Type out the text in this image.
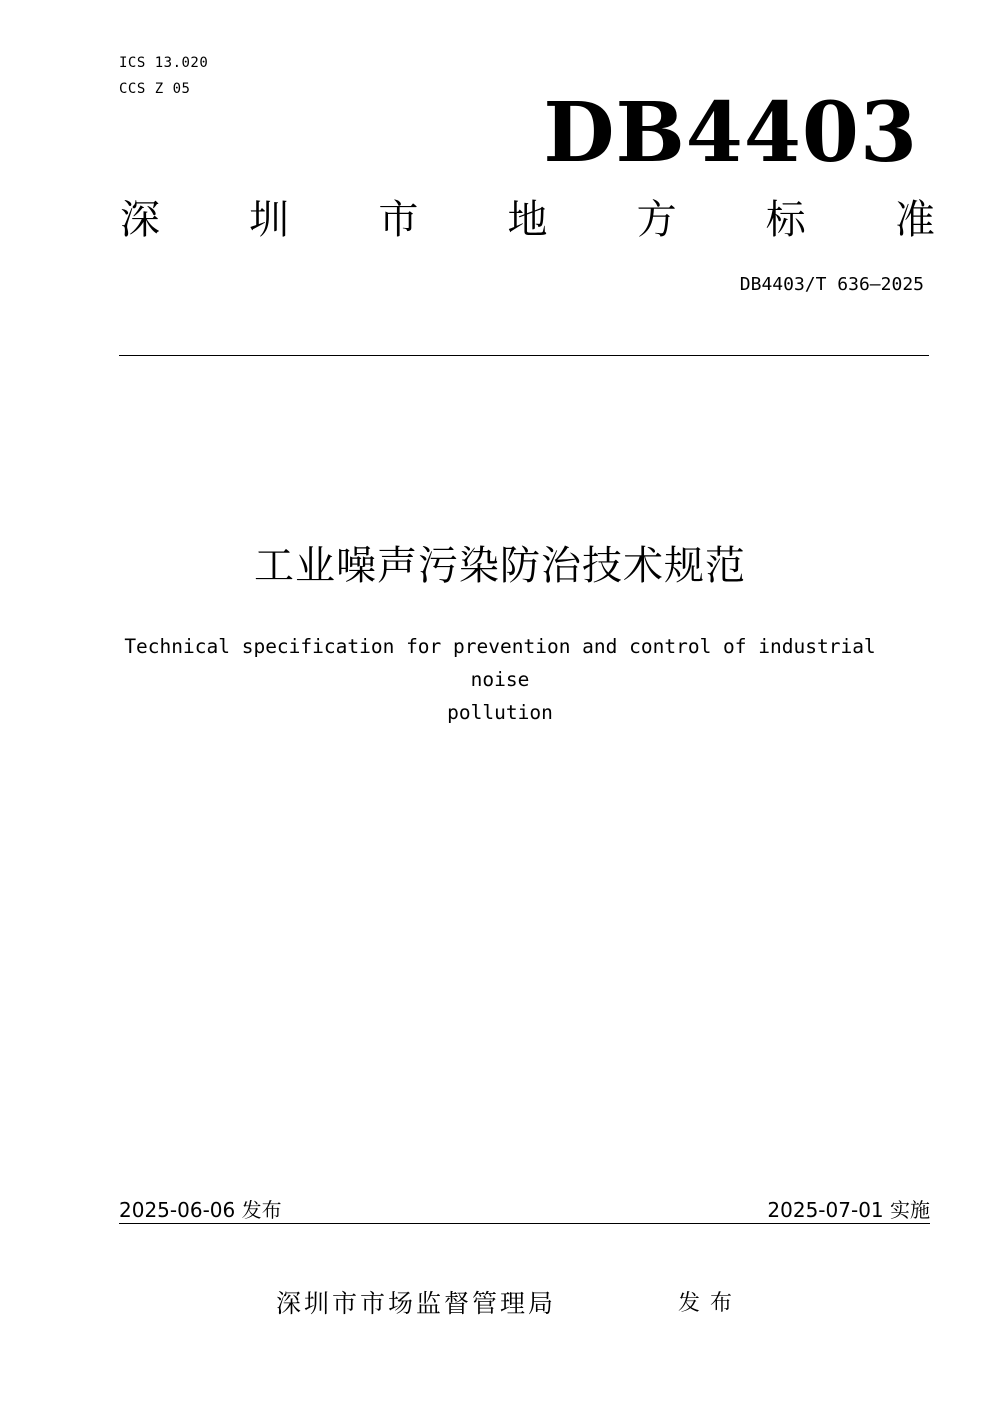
ICS 13.020
CCS Z 05	DB4403
深 圳 市 地 方 标 准
DB4403/T 636—2025
工业噪声污染防治技术规范
Technical specification for prevention and control of industrial noise
pollution
2025-06-06 发布	2025-07-01 实施
深圳市市场监督管理局	发布
